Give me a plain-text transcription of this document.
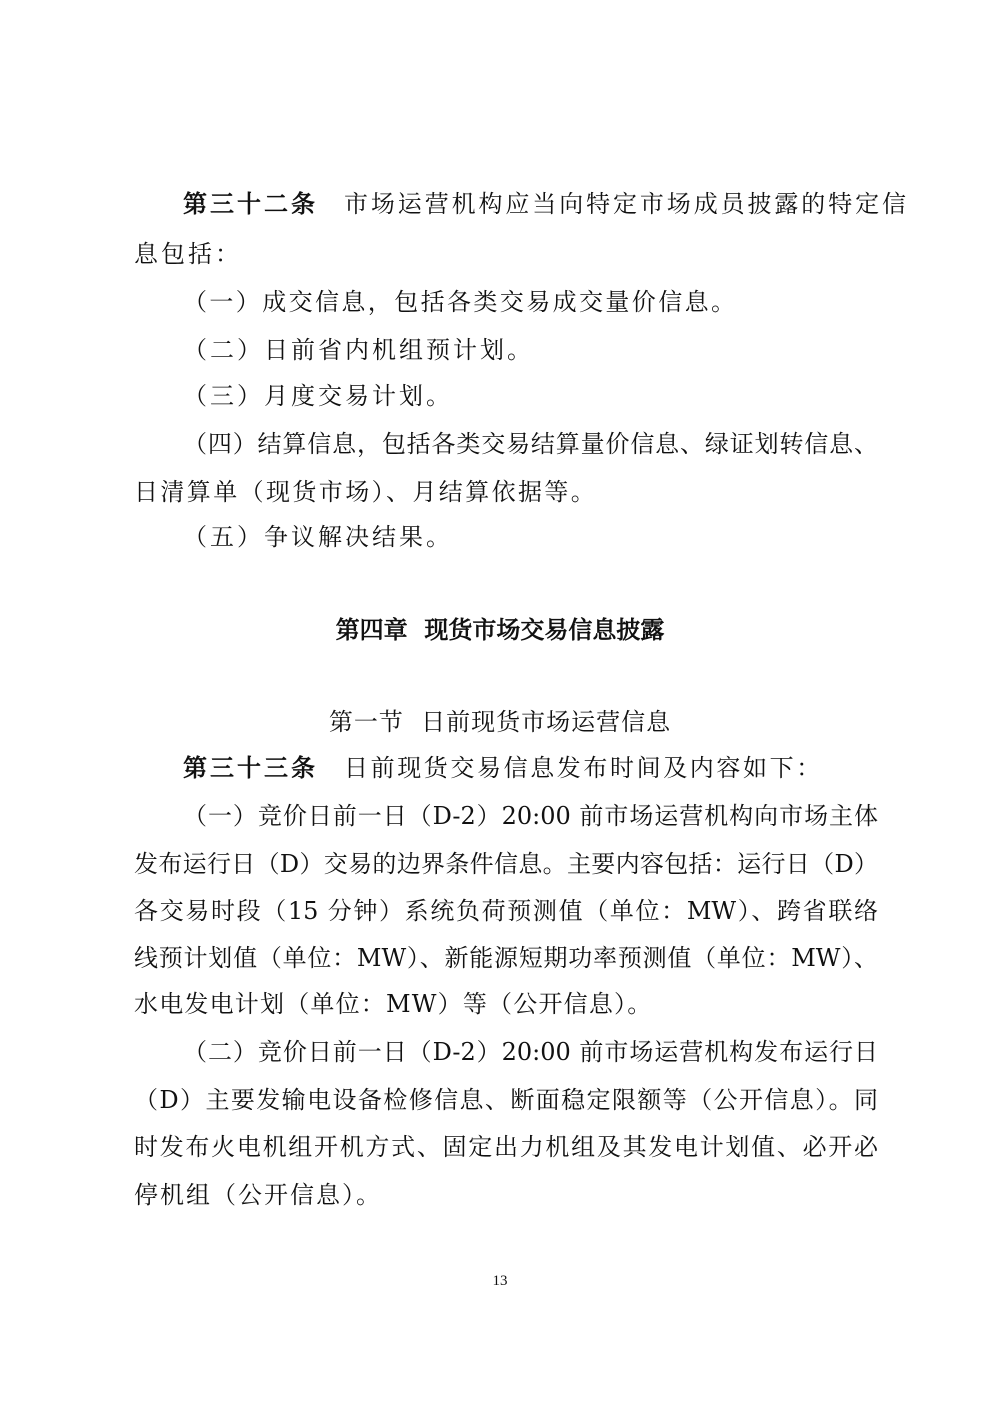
第三十二条 市场运营机构应当向特定市场成员披露的特定信
息包括：
（一）成交信息，包括各类交易成交量价信息。
（二）日前省内机组预计划。
（三）月度交易计划。
（四）结算信息，包括各类交易结算量价信息、绿证划转信息、
日清算单（现货市场）、月结算依据等。
（五）争议解决结果。
第四章  现货市场交易信息披露
第一节  日前现货市场运营信息
第三十三条 日前现货交易信息发布时间及内容如下：
（一）竞价日前一日（D-2）20:00 前市场运营机构向市场主体
发布运行日（D）交易的边界条件信息。主要内容包括：运行日（D）
各交易时段（15 分钟）系统负荷预测值（单位：MW）、跨省联络
线预计划值（单位：MW）、新能源短期功率预测值（单位：MW）、
水电发电计划（单位：MW）等（公开信息）。
（二）竞价日前一日（D-2）20:00 前市场运营机构发布运行日
（D）主要发输电设备检修信息、断面稳定限额等（公开信息）。同
时发布火电机组开机方式、固定出力机组及其发电计划值、必开必
停机组（公开信息）。
13
